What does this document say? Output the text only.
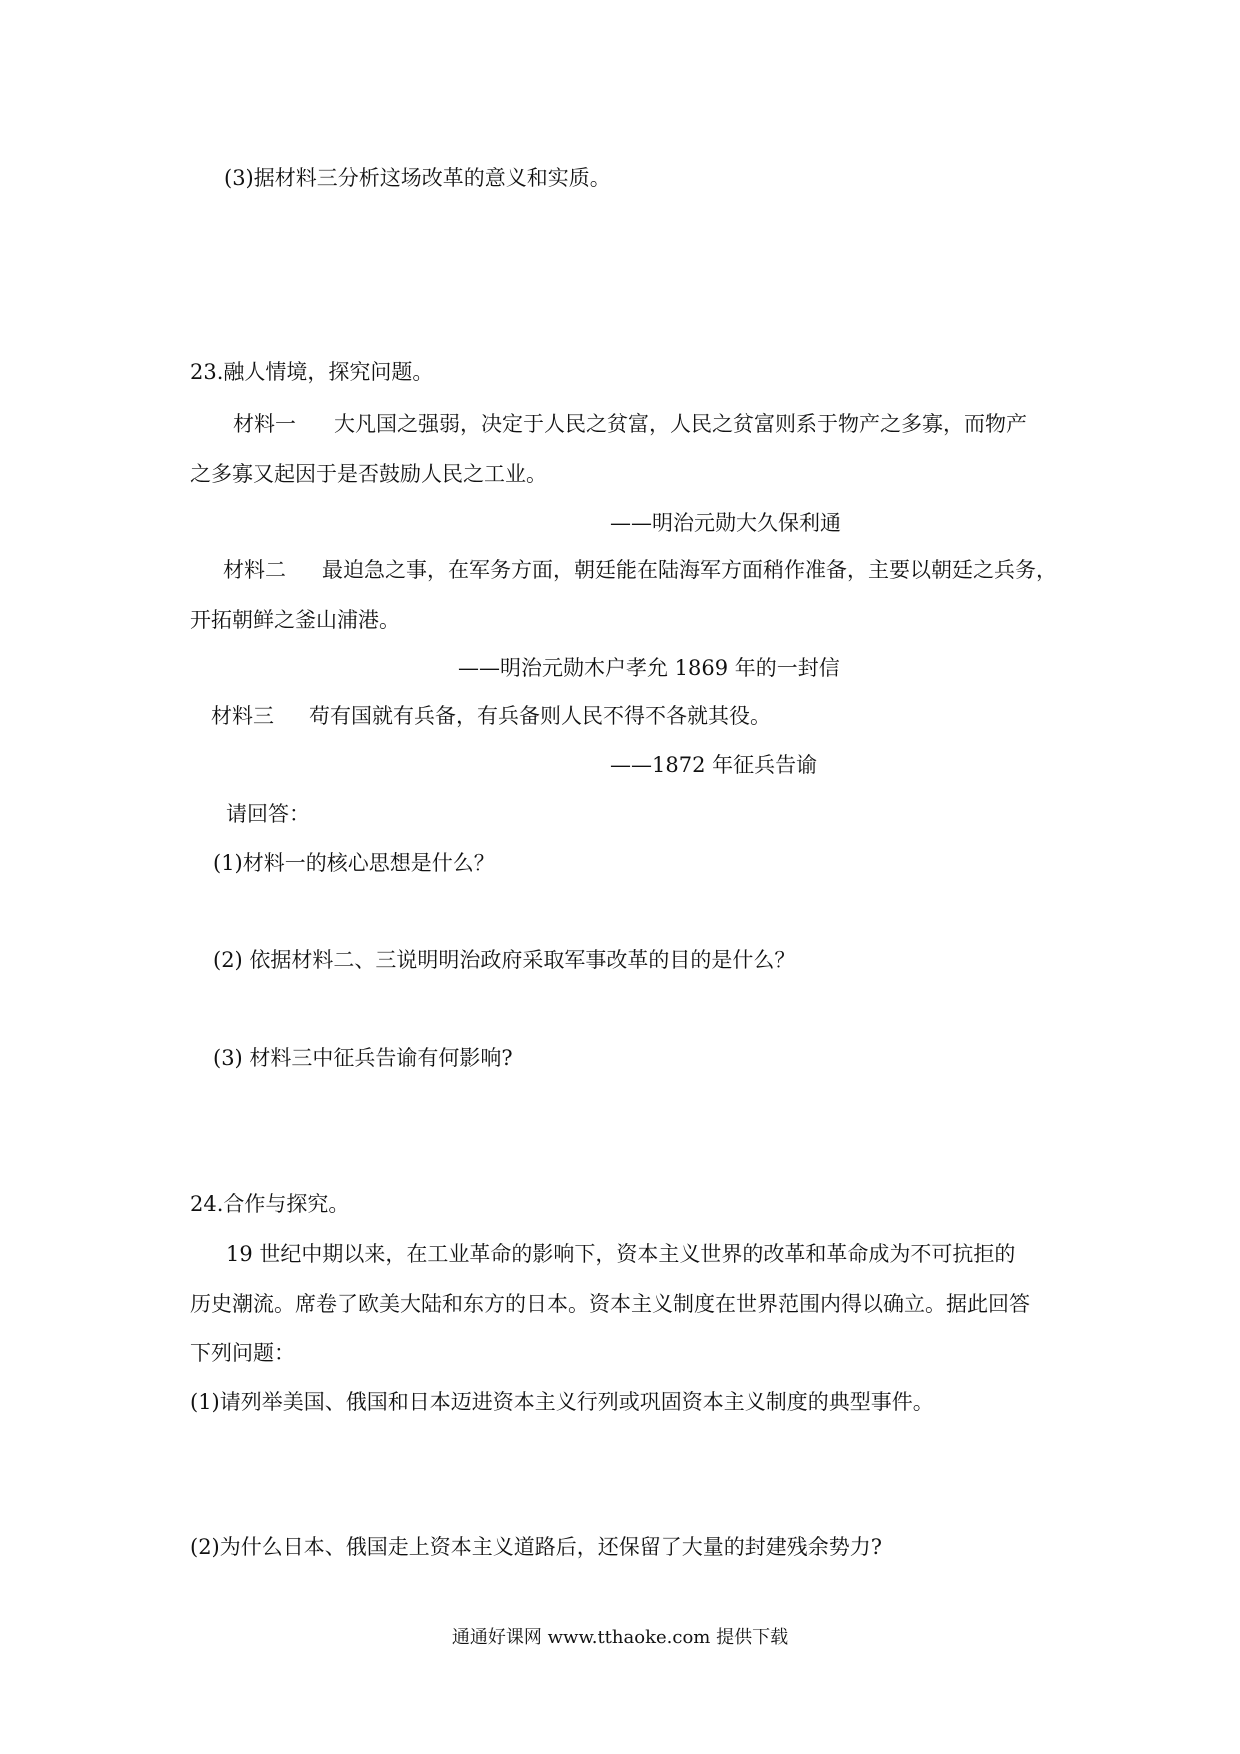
(3)据材料三分析这场改革的意义和实质。
23.融人情境，探究问题。
材料一 大凡国之强弱，决定于人民之贫富，人民之贫富则系于物产之多寡，而物产
之多寡又起因于是否鼓励人民之工业。
——明治元勋大久保利通
材料二 最迫急之事，在军务方面，朝廷能在陆海军方面稍作准备，主要以朝廷之兵务，
开拓朝鲜之釜山浦港。
——明治元勋木户孝允 1869 年的一封信
材料三 苟有国就有兵备，有兵备则人民不得不各就其役。
——1872 年征兵告谕
请回答：
(1)材料一的核心思想是什么？
(2) 依据材料二、三说明明治政府采取军事改革的目的是什么？
(3) 材料三中征兵告谕有何影响?
24.合作与探究。
19 世纪中期以来，在工业革命的影响下，资本主义世界的改革和革命成为不可抗拒的
历史潮流。席卷了欧美大陆和东方的日本。资本主义制度在世界范围内得以确立。据此回答
下列问题：
(1)请列举美国、俄国和日本迈进资本主义行列或巩固资本主义制度的典型事件。
(2)为什么日本、俄国走上资本主义道路后，还保留了大量的封建残余势力?
通通好课网 www.tthaoke.com 提供下载
